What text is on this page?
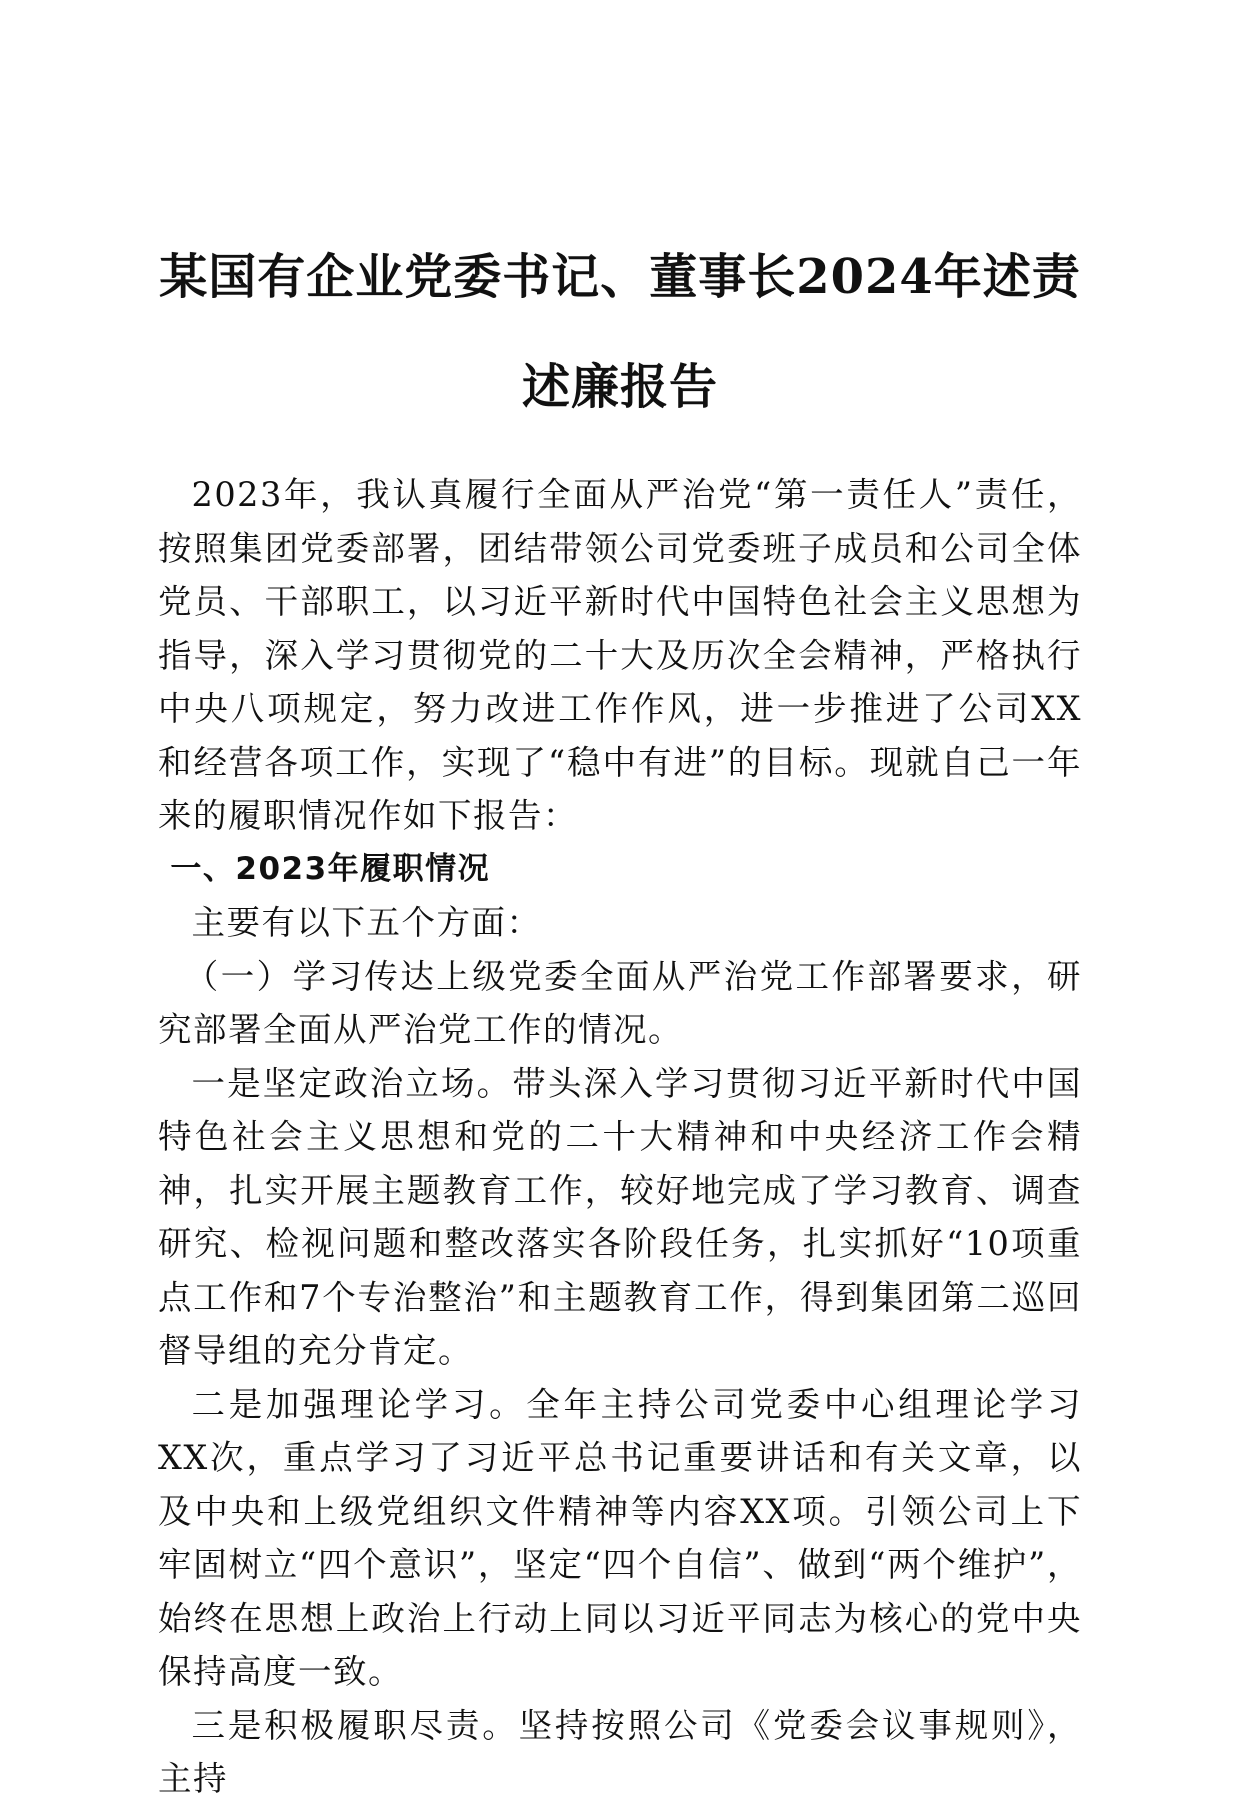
某国有企业党委书记、董事长2024年述责述廉报告

2023年，我认真履行全面从严治党“第一责任人”责任，按照集团党委部署，团结带领公司党委班子成员和公司全体党员、干部职工，以习近平新时代中国特色社会主义思想为指导，深入学习贯彻党的二十大及历次全会精神，严格执行中央八项规定，努力改进工作作风，进一步推进了公司XX和经营各项工作，实现了“稳中有进”的目标。现就自己一年来的履职情况作如下报告：

一、2023年履职情况

主要有以下五个方面：

（一）学习传达上级党委全面从严治党工作部署要求，研究部署全面从严治党工作的情况。

一是坚定政治立场。带头深入学习贯彻习近平新时代中国特色社会主义思想和党的二十大精神和中央经济工作会精神，扎实开展主题教育工作，较好地完成了学习教育、调查研究、检视问题和整改落实各阶段任务，扎实抓好“10项重点工作和7个专治整治”和主题教育工作，得到集团第二巡回督导组的充分肯定。

二是加强理论学习。全年主持公司党委中心组理论学习XX次，重点学习了习近平总书记重要讲话和有关文章，以及中央和上级党组织文件精神等内容XX项。引领公司上下牢固树立“四个意识”，坚定“四个自信”、做到“两个维护”，始终在思想上政治上行动上同以习近平同志为核心的党中央保持高度一致。

三是积极履职尽责。坚持按照公司《党委会议事规则》，主持
